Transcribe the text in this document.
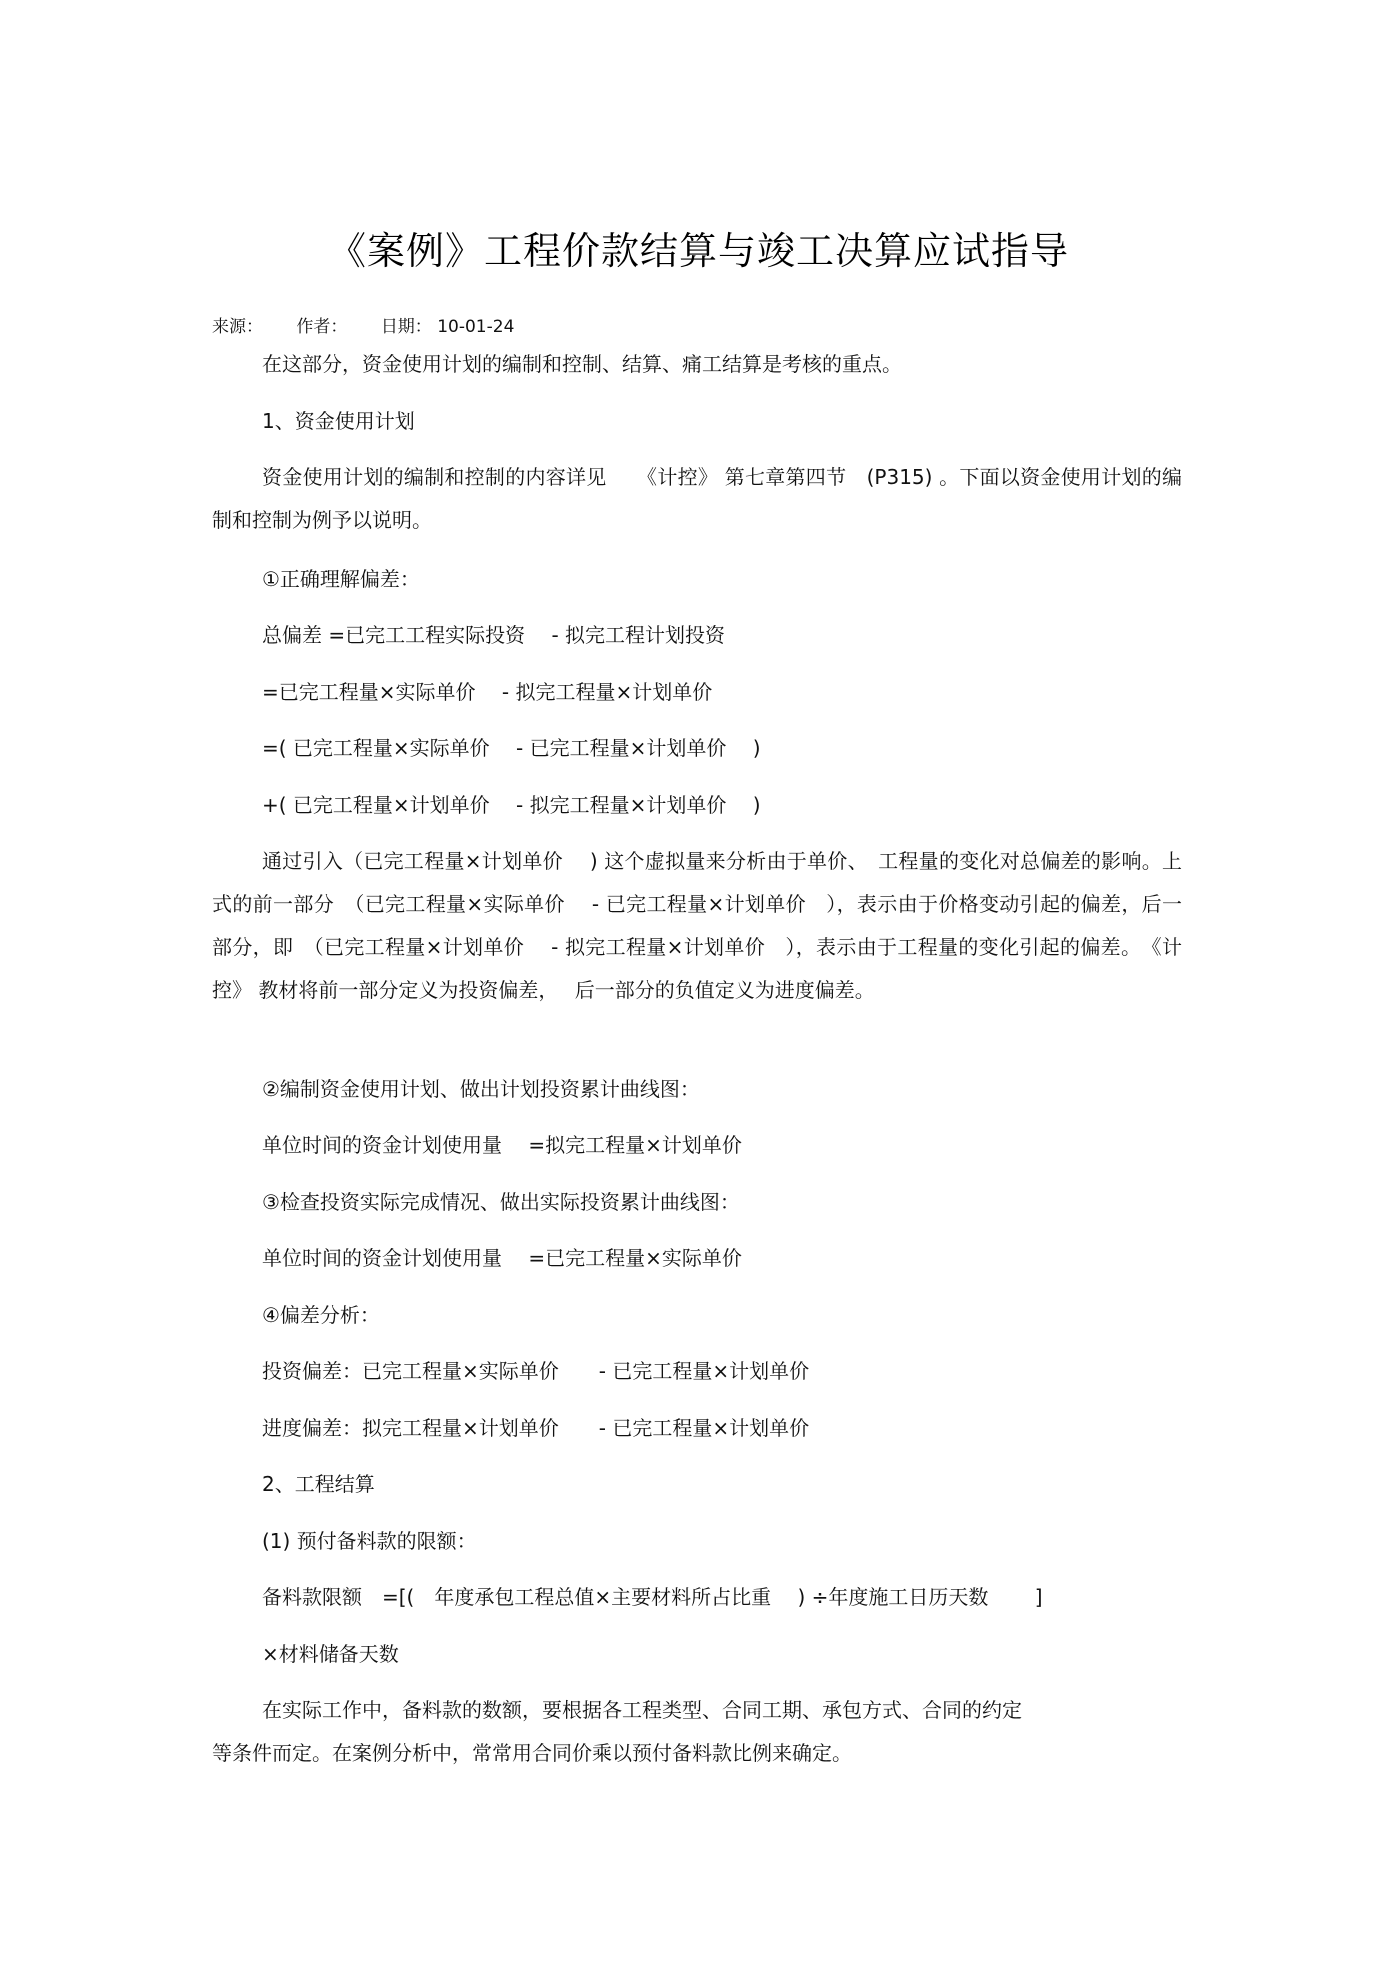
《案例》工程价款结算与竣工决算应试指导
来源： 作者： 日期： 10-01-24
在这部分，资金使用计划的编制和控制、结算、痛工结算是考核的重点。
1、资金使用计划
资金使用计划的编制和控制的内容详见　　《计控》 第七章第四节　(P315) 。下面以资金使用计划的编制和控制为例予以说明。
①正确理解偏差：
总偏差 =已完工工程实际投资　 - 拟完工程计划投资
=已完工程量×实际单价　 - 拟完工程量×计划单价
=( 已完工程量×实际单价　 - 已完工程量×计划单价　 )
+( 已完工程量×计划单价　 - 拟完工程量×计划单价　 )
通过引入（已完工程量×计划单价　 ) 这个虚拟量来分析由于单价、　工程量的变化对总偏差的影响。上式的前一部分　（已完工程量×实际单价　 - 已完工程量×计划单价　），表示由于价格变动引起的偏差，后一部分，即　（已完工程量×计划单价　 - 拟完工程量×计划单价　），表示由于工程量的变化引起的偏差。　《计控》 教材将前一部分定义为投资偏差，　 后一部分的负值定义为进度偏差。
②编制资金使用计划、做出计划投资累计曲线图：
单位时间的资金计划使用量　 =拟完工程量×计划单价
③检查投资实际完成情况、做出实际投资累计曲线图：
单位时间的资金计划使用量　 =已完工程量×实际单价
④偏差分析：
投资偏差：已完工程量×实际单价　　- 已完工程量×计划单价
进度偏差：拟完工程量×计划单价　　- 已完工程量×计划单价
2、工程结算
(1) 预付备料款的限额：
备料款限额　=[(　年度承包工程总值×主要材料所占比重　 ) ÷年度施工日历天数　　 ]
×材料储备天数
在实际工作中，备料款的数额，要根据各工程类型、合同工期、承包方式、合同的约定
等条件而定。在案例分析中，常常用合同价乘以预付备料款比例来确定。
